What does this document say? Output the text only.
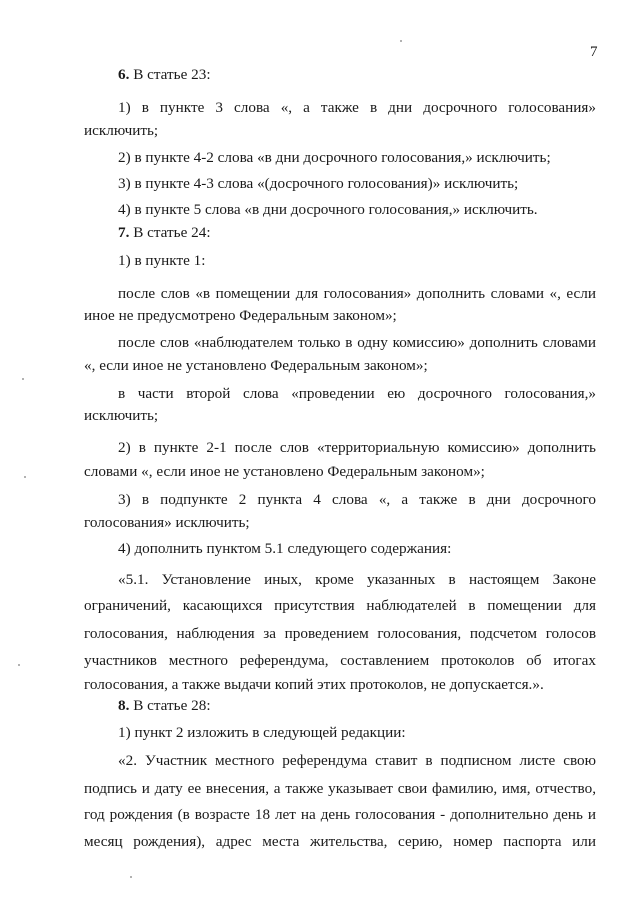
7
6. В статье 23:
1) в пункте 3 слова «, а также в дни досрочного голосования»
исключить;
2) в пункте 4-2 слова «в дни досрочного голосования,» исключить;
3) в пункте 4-3 слова «(досрочного голосования)» исключить;
4) в пункте 5 слова «в дни досрочного голосования,» исключить.
7. В статье 24:
1) в пункте 1:
после слов «в помещении для голосования» дополнить словами «, если
иное не предусмотрено Федеральным законом»;
после слов «наблюдателем только в одну комиссию» дополнить словами
«, если иное не установлено Федеральным законом»;
в части второй слова «проведении ею досрочного голосования,»
исключить;
2) в пункте 2-1 после слов «территориальную комиссию» дополнить
словами «, если иное не установлено Федеральным законом»;
3) в подпункте 2 пункта 4 слова «, а также в дни досрочного
голосования» исключить;
4) дополнить пунктом 5.1 следующего содержания:
«5.1. Установление иных, кроме указанных в настоящем Законе
ограничений, касающихся присутствия наблюдателей в помещении для
голосования, наблюдения за проведением голосования, подсчетом голосов
участников местного референдума, составлением протоколов об итогах
голосования, а также выдачи копий этих протоколов, не допускается.».
8. В статье 28:
1) пункт 2 изложить в следующей редакции:
«2. Участник местного референдума ставит в подписном листе свою
подпись и дату ее внесения, а также указывает свои фамилию, имя, отчество,
год рождения (в возрасте 18 лет на день голосования - дополнительно день и
месяц рождения), адрес места жительства, серию, номер паспорта или
